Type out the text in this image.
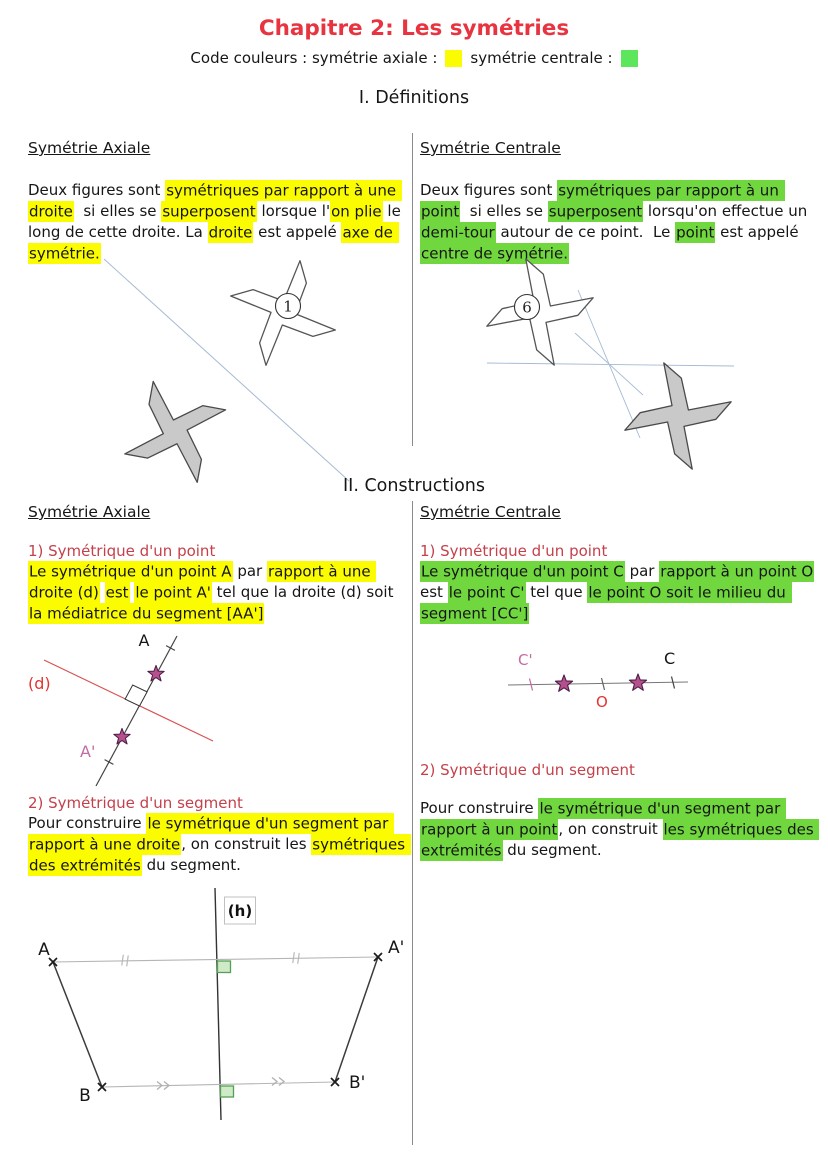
Chapitre 2: Les symétries
Code couleurs : symétrie axiale : symétrie centrale :
I. Définitions
Symétrie Axiale

Deux figures sont symétriques par rapport à une droite  si elles se superposent lorsque l'on plie le long de cette droite. La droite est appelé axe de symétrie.

Symétrie Centrale

Deux figures sont symétriques par rapport à un point  si elles se superposent lorsqu'on effectue un demi-tour autour de ce point.  Le point est appelé centre de symétrie.

1	6
II. Constructions
Symétrie Axiale	Symétrie Centrale
1) Symétrique d'un point

Le symétrique d'un point A par rapport à une droite (d) est le point A' tel que la droite (d) soit la médiatrice du segment [AA']

A
(d)
A'
2) Symétrique d'un segment

Pour construire le symétrique d'un segment par rapport à une droite, on construit les symétriques des extrémités du segment.

(h)
A	A'
B
B'
1) Symétrique d'un point

Le symétrique d'un point C par rapport à un point O est le point C' tel que le point O soit le milieu du segment [CC']

C'	C
O
2) Symétrique d'un segment

Pour construire le symétrique d'un segment par rapport à un point, on construit les symétriques des extrémités du segment.
